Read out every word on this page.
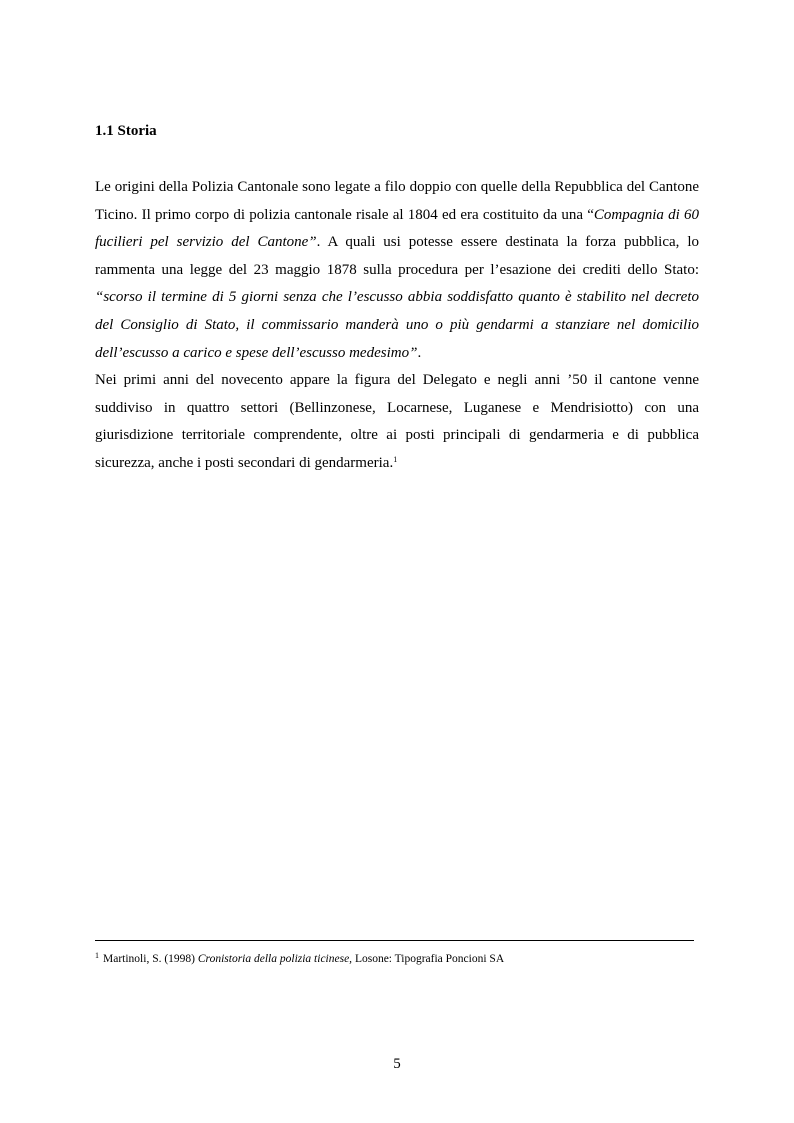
1.1 Storia

Le origini della Polizia Cantonale sono legate a filo doppio con quelle della Repubblica del Cantone Ticino. Il primo corpo di polizia cantonale risale al 1804 ed era costituito da una “Compagnia di 60 fucilieri pel servizio del Cantone”. A quali usi potesse essere destinata la forza pubblica, lo rammenta una legge del 23 maggio 1878 sulla procedura per l’esazione dei crediti dello Stato: “scorso il termine di 5 giorni senza che l’escusso abbia soddisfatto quanto è stabilito nel decreto del Consiglio di Stato, il commissario manderà uno o più gendarmi a stanziare nel domicilio dell’escusso a carico e spese dell’escusso medesimo”.

Nei primi anni del novecento appare la figura del Delegato e negli anni ’50 il cantone venne suddiviso in quattro settori (Bellinzonese, Locarnese, Luganese e Mendrisiotto) con una giurisdizione territoriale comprendente, oltre ai posti principali di gendarmeria e di pubblica sicurezza, anche i posti secondari di gendarmeria.$^1$

$^1$ Martinoli, S. (1998) Cronistoria della polizia ticinese, Losone: Tipografia Poncioni SA

5
